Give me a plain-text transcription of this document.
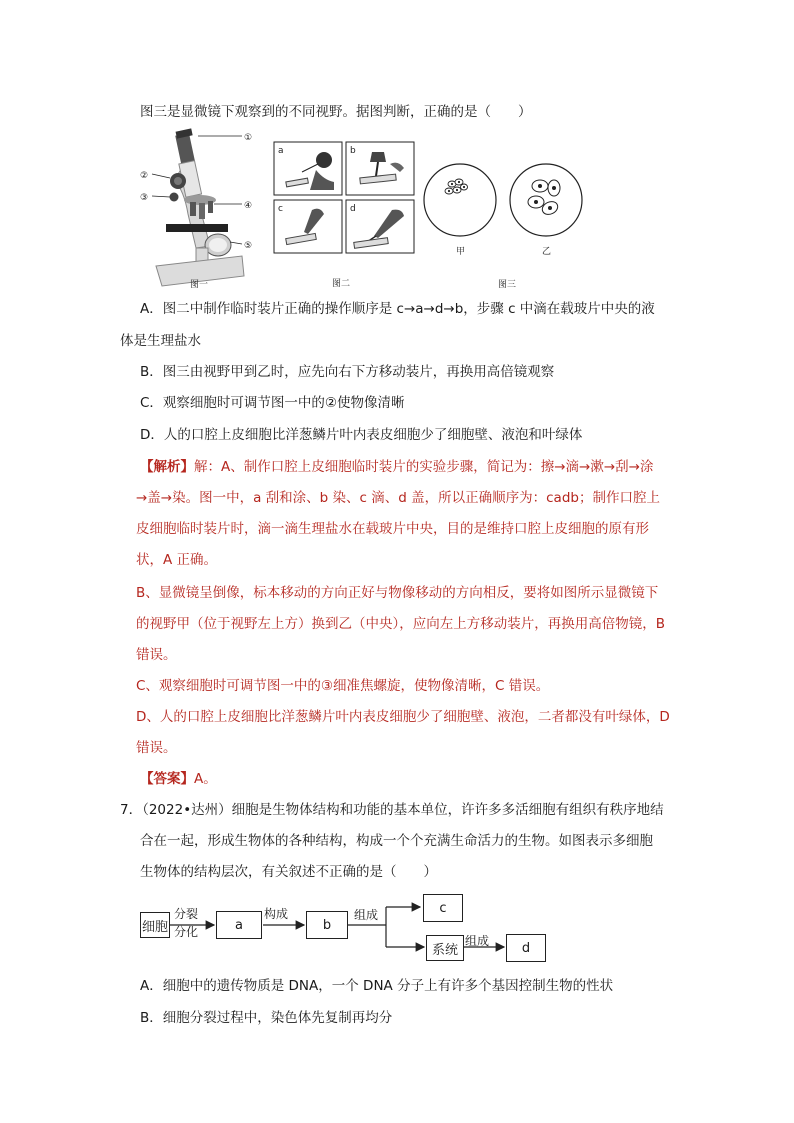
图三是显微镜下观察到的不同视野。据图判断，正确的是（　　）
①
②
③
④
⑤
图一
a	b
c	d
图二
甲	乙
图三
A．图二中制作临时装片正确的操作顺序是 c→a→d→b，步骤 c 中滴在载玻片中央的液
体是生理盐水
B．图三由视野甲到乙时，应先向右下方移动装片，再换用高倍镜观察
C．观察细胞时可调节图一中的②使物像清晰
D．人的口腔上皮细胞比洋葱鳞片叶内表皮细胞少了细胞壁、液泡和叶绿体
【解析】解：A、制作口腔上皮细胞临时装片的实验步骤，简记为：擦→滴→漱→刮→涂
→盖→染。图一中，a 刮和涂、b 染、c 滴、d 盖，所以正确顺序为：cadb；制作口腔上
皮细胞临时装片时，滴一滴生理盐水在载玻片中央，目的是维持口腔上皮细胞的原有形
状，A 正确。
B、显微镜呈倒像，标本移动的方向正好与物像移动的方向相反，要将如图所示显微镜下
的视野甲（位于视野左上方）换到乙（中央），应向左上方移动装片，再换用高倍物镜，B
错误。
C、观察细胞时可调节图一中的③细准焦螺旋，使物像清晰，C 错误。
D、人的口腔上皮细胞比洋葱鳞片叶内表皮细胞少了细胞壁、液泡，二者都没有叶绿体，D
错误。
【答案】A。
7．（2022•达州）细胞是生物体结构和功能的基本单位，许许多多活细胞有组织有秩序地结
合在一起，形成生物体的各种结构，构成一个个充满生命活力的生物。如图表示多细胞
生物体的结构层次，有关叙述不正确的是（　　）
细胞
分裂
分化	a
构成
b
组成	c
系统
组成	d
A．细胞中的遗传物质是 DNA，一个 DNA 分子上有许多个基因控制生物的性状
B．细胞分裂过程中，染色体先复制再均分
